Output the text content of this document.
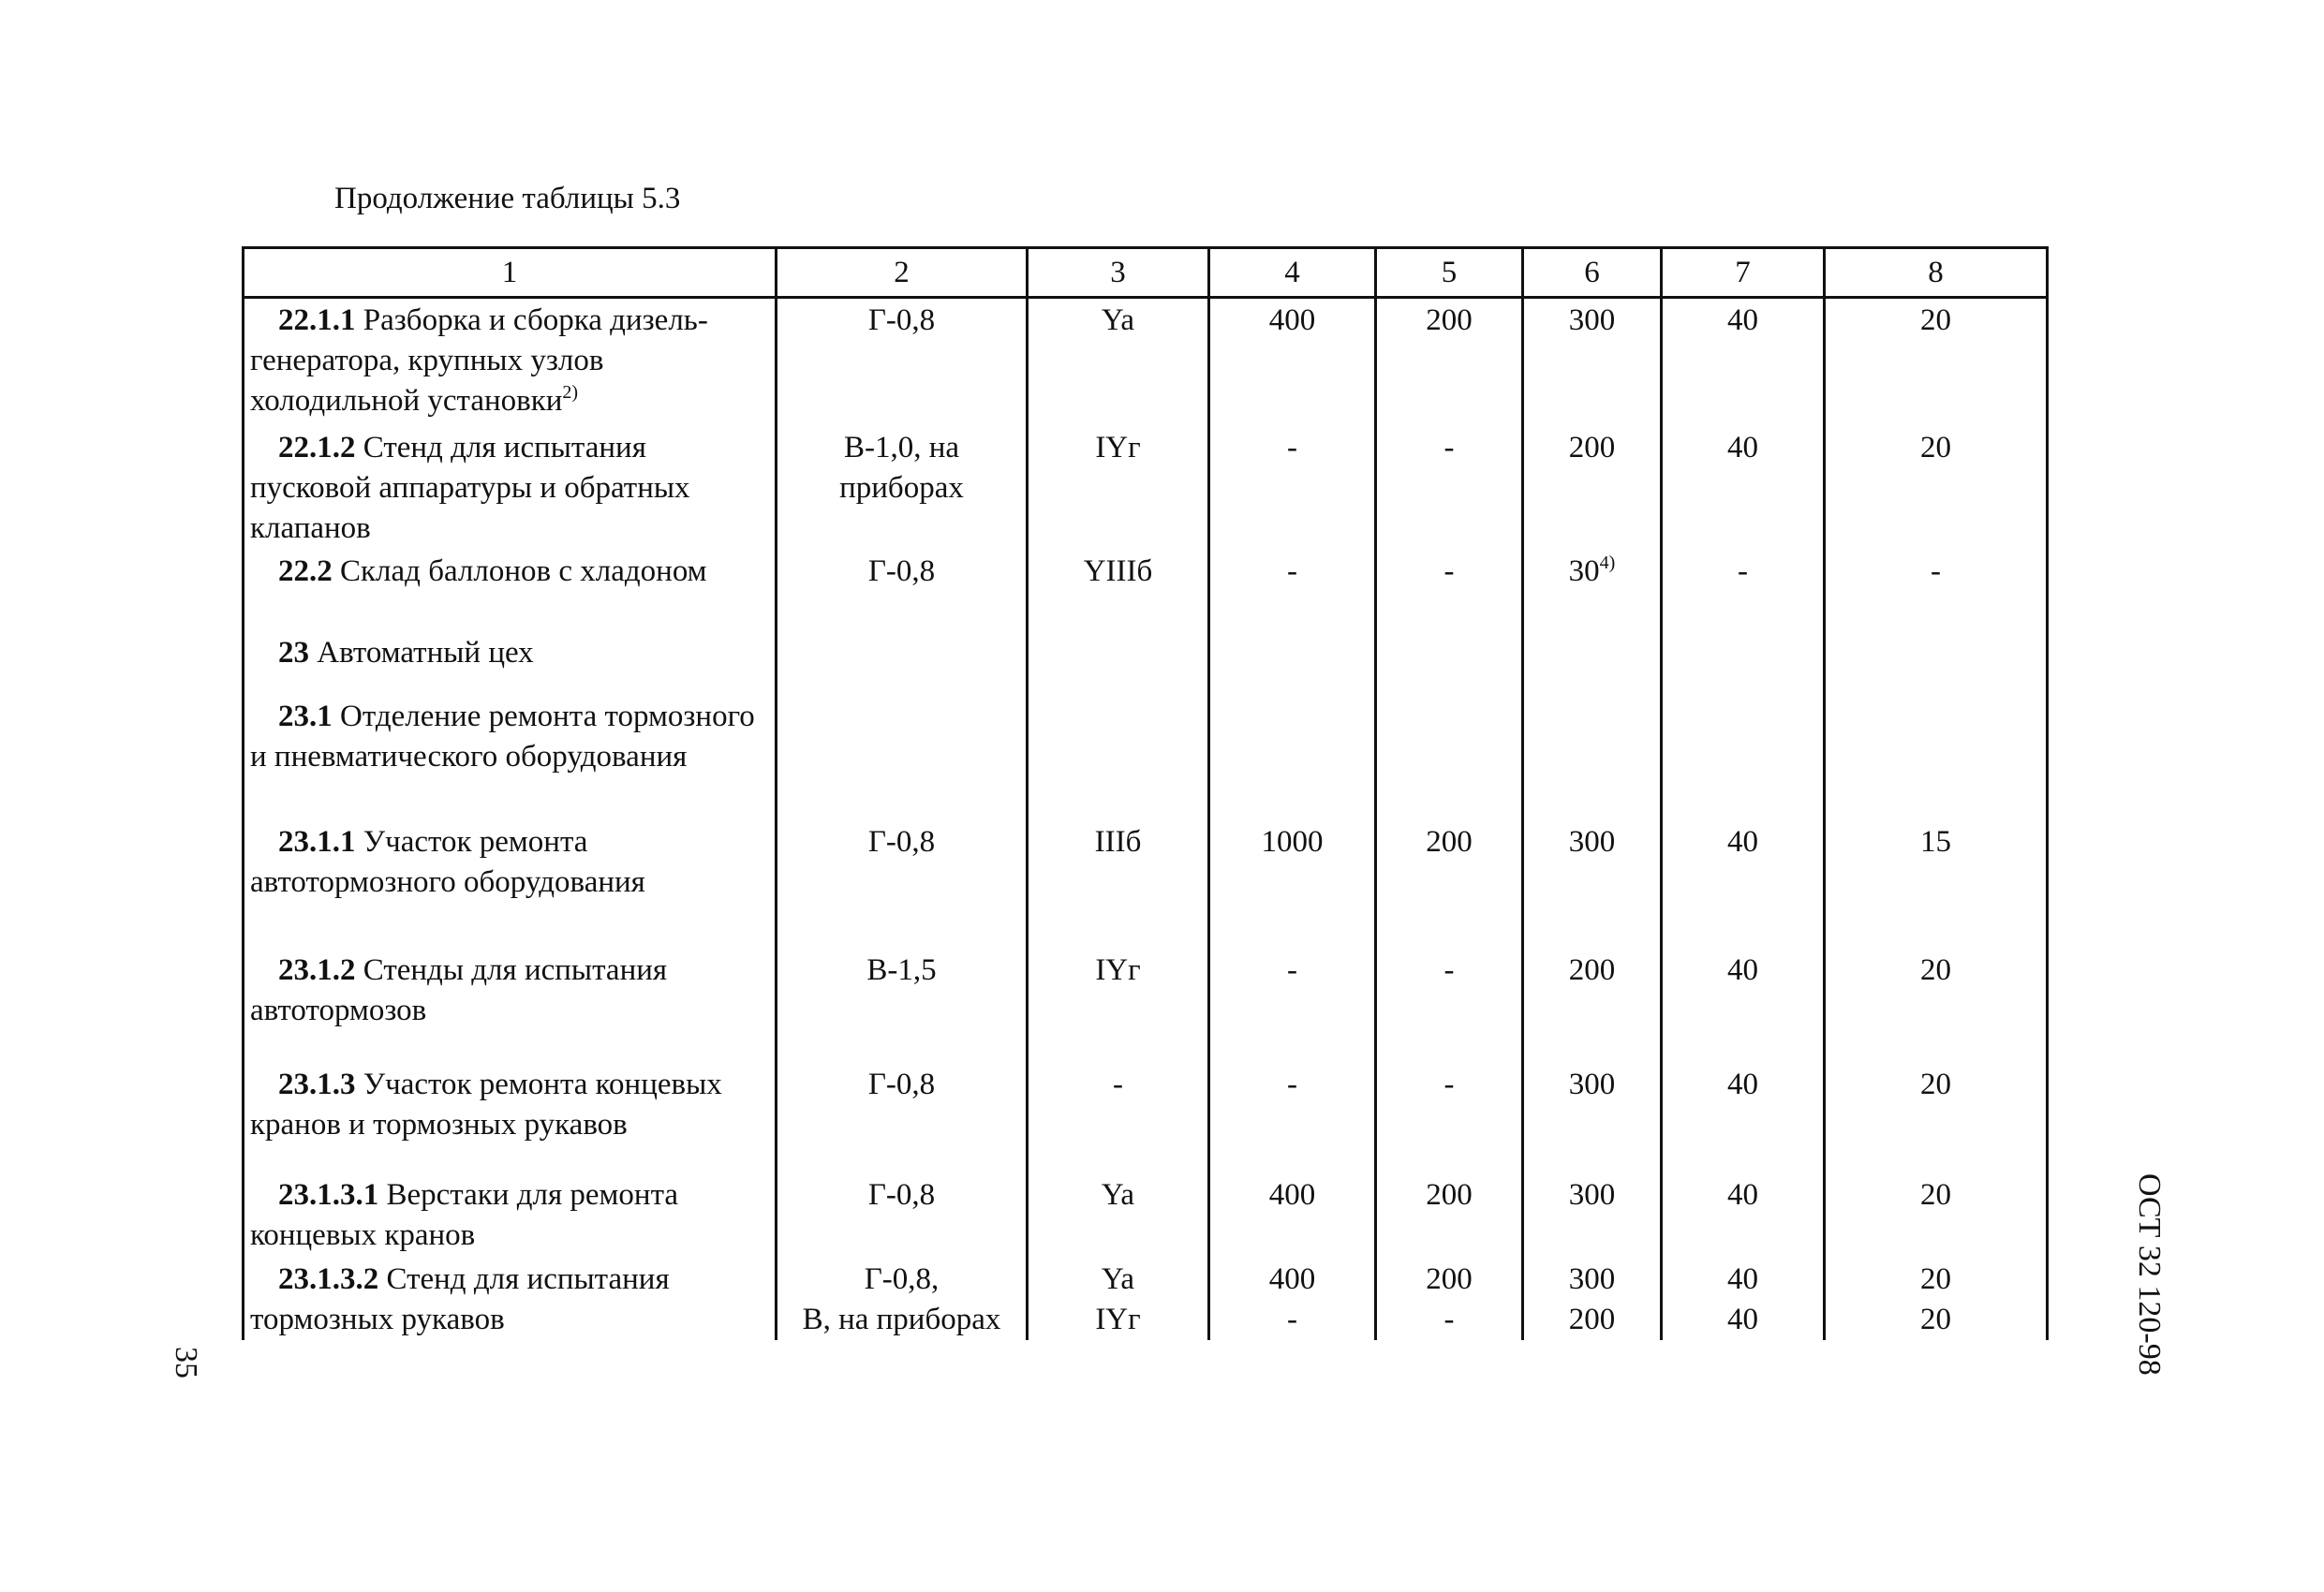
Продолжение таблицы 5.3
1	2	3	4	5	6	7	8
22.1.1 Разборка и сборка дизель-генератора, крупных узлов холодильной установки$^{2)}$	Г-0,8	Ya	400	200	300	40	20
22.1.2 Стенд для испытания пусковой аппаратуры и обратных клапанов	В-1,0, на приборах	IYг	-	-	200	40	20
22.2 Склад баллонов с хладоном	Г-0,8	YIIIб	-	-	30$^{4)}$	-	-
23 Автоматный цех							
23.1 Отделение ремонта тормозного и пневматического оборудования							
23.1.1 Участок ремонта автотормозного оборудования	Г-0,8	IIIб	1000	200	300	40	15
23.1.2 Стенды для испытания автотормозов	В-1,5	IYг	-	-	200	40	20
23.1.3 Участок ремонта концевых кранов и тормозных рукавов	Г-0,8	-	-	-	300	40	20
23.1.3.1 Верстаки для ремонта концевых кранов	Г-0,8	Ya	400	200	300	40	20
23.1.3.2 Стенд для испытания	Г-0,8,	Ya	400	200	300	40	20
тормозных рукавов	В, на приборах	IYг	-	-	200	40	20	ОСТ 32 120-98
35
